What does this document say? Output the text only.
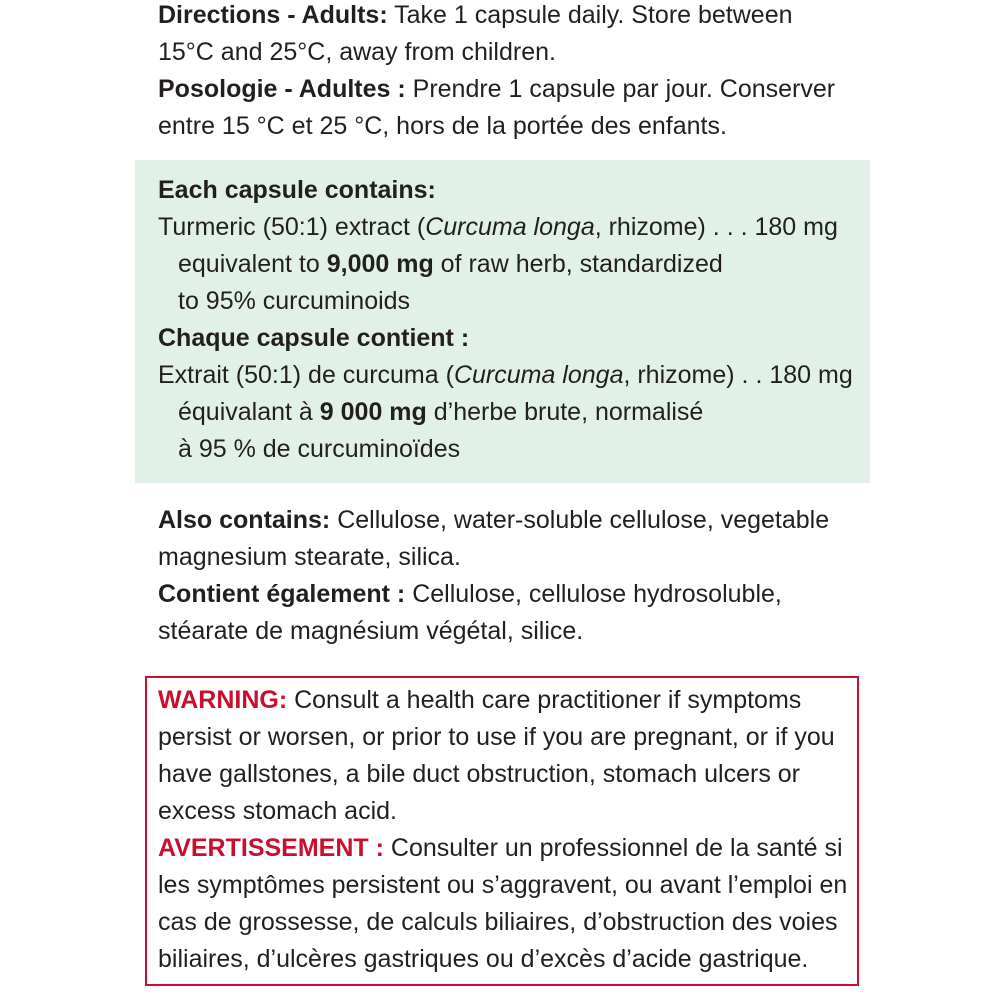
Directions - Adults: Take 1 capsule daily. Store between
15°C and 25°C, away from children.
Posologie - Adultes : Prendre 1 capsule par jour. Conserver
entre 15 °C et 25 °C, hors de la portée des enfants.
Each capsule contains:
Turmeric (50:1) extract (Curcuma longa, rhizome) . . . 180 mg
equivalent to 9,000 mg of raw herb, standardized
to 95% curcuminoids
Chaque capsule contient :
Extrait (50:1) de curcuma (Curcuma longa, rhizome) . . 180 mg
équivalant à 9 000 mg d’herbe brute, normalisé
à 95 % de curcuminoïdes
Also contains: Cellulose, water-soluble cellulose, vegetable
magnesium stearate, silica.
Contient également : Cellulose, cellulose hydrosoluble,
stéarate de magnésium végétal, silice.
WARNING: Consult a health care practitioner if symptoms
persist or worsen, or prior to use if you are pregnant, or if you
have gallstones, a bile duct obstruction, stomach ulcers or
excess stomach acid.
AVERTISSEMENT : Consulter un professionnel de la santé si
les symptômes persistent ou s’aggravent, ou avant l’emploi en
cas de grossesse, de calculs biliaires, d’obstruction des voies
biliaires, d’ulcères gastriques ou d’excès d’acide gastrique.
